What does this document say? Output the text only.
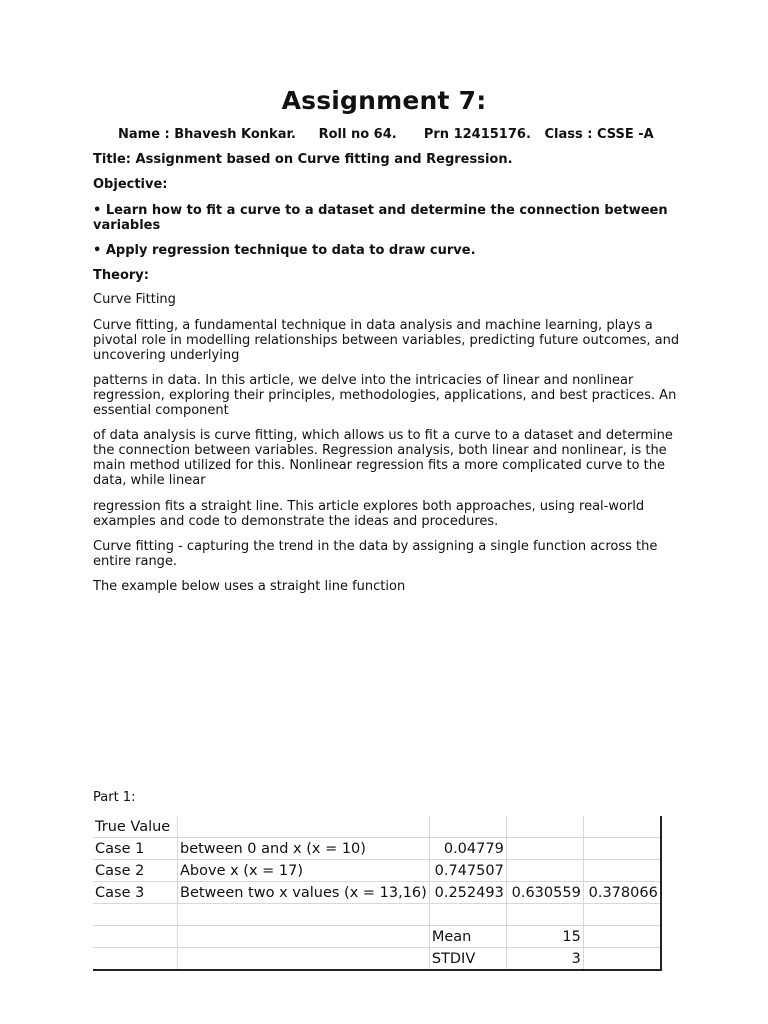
Assignment 7:
Name : Bhavesh Konkar.     Roll no 64.      Prn 12415176.   Class : CSSE -A
Title: Assignment based on Curve fitting and Regression.
Objective:
• Learn how to fit a curve to a dataset and determine the connection between variables
• Apply regression technique to data to draw curve.
Theory:
Curve Fitting
Curve fitting, a fundamental technique in data analysis and machine learning, plays a pivotal role in modelling relationships between variables, predicting future outcomes, and uncovering underlying
patterns in data. In this article, we delve into the intricacies of linear and nonlinear regression, exploring their principles, methodologies, applications, and best practices. An essential component
of data analysis is curve fitting, which allows us to fit a curve to a dataset and determine the connection between variables. Regression analysis, both linear and nonlinear, is the main method utilized for this. Nonlinear regression fits a more complicated curve to the data, while linear
regression fits a straight line. This article explores both approaches, using real-world examples and code to demonstrate the ideas and procedures.
Curve fitting - capturing the trend in the data by assigning a single function across the entire range.
The example below uses a straight line function
Part 1:
True Value				
Case 1	between 0 and x (x = 10)	0.04779		
Case 2	Above x (x = 17)	0.747507		
Case 3	Between two x values (x = 13,16)	0.252493	0.630559	0.378066

		Mean	15	
		STDIV	3	
